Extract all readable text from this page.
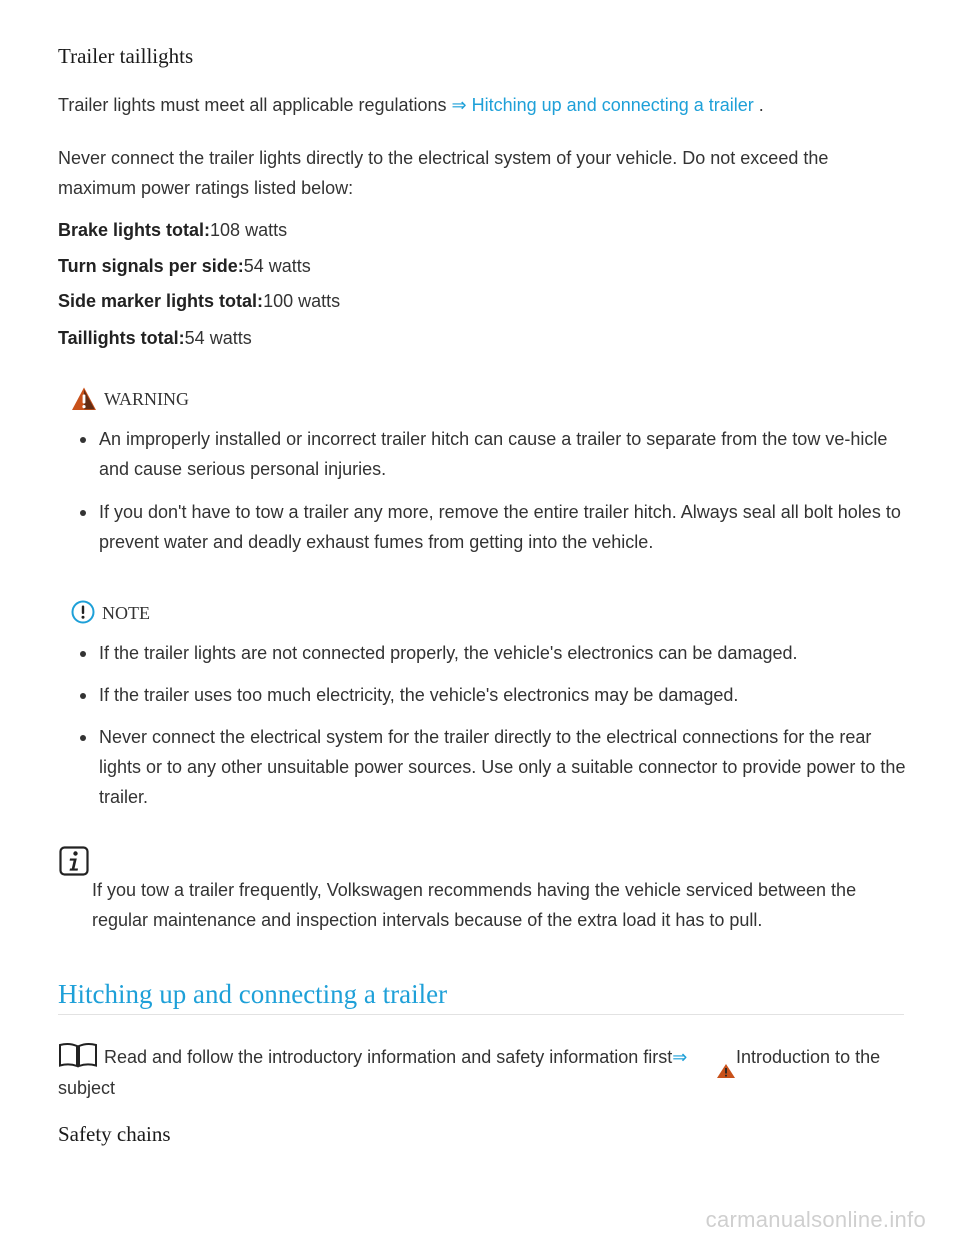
Trailer taillights
Trailer lights must meet all applicable regulations ⇒ Hitching up and connecting a trailer .
Never connect the trailer lights directly to the electrical system of your vehicle. Do not exceed the maximum power ratings listed below:
Brake lights total:108 watts
Turn signals per side:54 watts
Side marker lights total:100 watts
Taillights total:54 watts
WARNING
An improperly installed or incorrect trailer hitch can cause a trailer to separate from the tow ve-hicle and cause serious personal injuries.
If you don't have to tow a trailer any more, remove the entire trailer hitch. Always seal all bolt holes to prevent water and deadly exhaust fumes from getting into the vehicle.
NOTE
If the trailer lights are not connected properly, the vehicle's electronics can be damaged.
If the trailer uses too much electricity, the vehicle's electronics may be damaged.
Never connect the electrical system for the trailer directly to the electrical connections for the rear lights or to any other unsuitable power sources. Use only a suitable connector to provide power to the trailer.
If you tow a trailer frequently, Volkswagen recommends having the vehicle serviced between the regular maintenance and inspection intervals because of the extra load it has to pull.
Hitching up and connecting a trailer
Read and follow the introductory information and safety information first⇒	Introduction to the
subject
Safety chains
carmanualsonline.info
